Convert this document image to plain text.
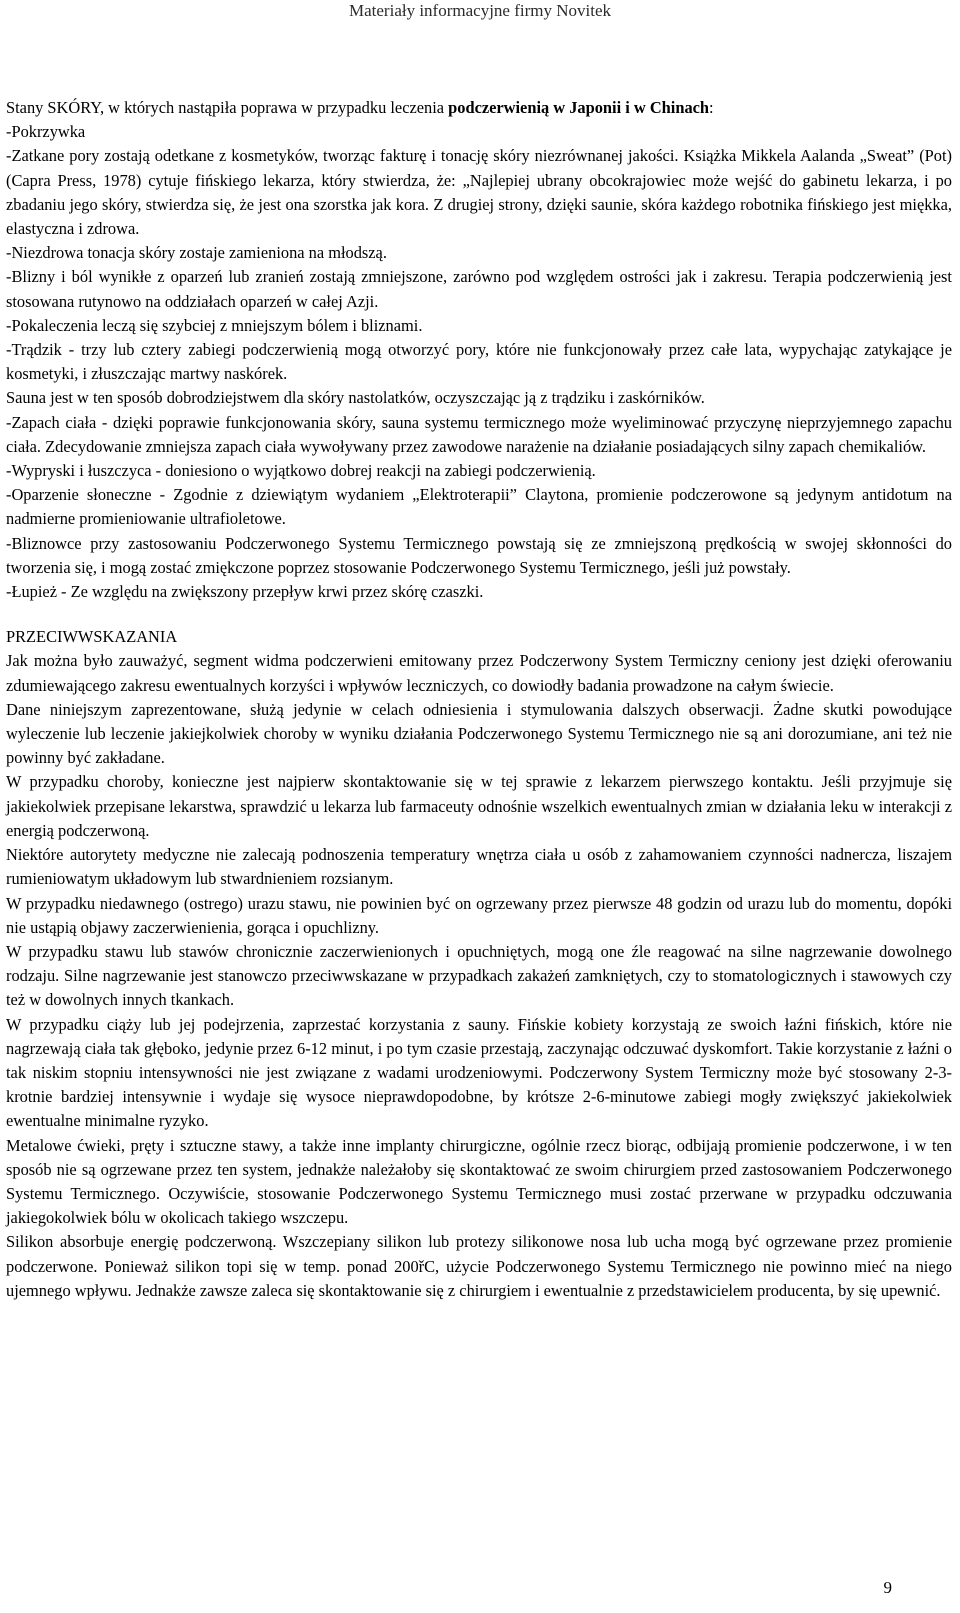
Materiały informacyjne firmy Novitek

Stany SKÓRY, w których nastąpiła poprawa w przypadku leczenia podczerwienią w Japonii i w Chinach:

-Pokrzywka

-Zatkane pory zostają odetkane z kosmetyków, tworząc fakturę i tonację skóry niezrównanej jakości. Książka Mikkela Aalanda „Sweat” (Pot) (Capra Press, 1978) cytuje fińskiego lekarza, który stwierdza, że: „Najlepiej ubrany obcokrajowiec może wejść do gabinetu lekarza, i po zbadaniu jego skóry, stwierdza się, że jest ona szorstka jak kora. Z drugiej strony, dzięki saunie, skóra każdego robotnika fińskiego jest miękka, elastyczna i zdrowa.

-Niezdrowa tonacja skóry zostaje zamieniona na młodszą.

-Blizny i ból wynikłe z oparzeń lub zranień zostają zmniejszone, zarówno pod względem ostrości jak i zakresu. Terapia podczerwienią jest stosowana rutynowo na oddziałach oparzeń w całej Azji.

-Pokaleczenia leczą się szybciej z mniejszym bólem i bliznami.

-Trądzik - trzy lub cztery zabiegi podczerwienią mogą otworzyć pory, które nie funkcjonowały przez całe lata, wypychając zatykające je kosmetyki, i złuszczając martwy naskórek.

Sauna jest w ten sposób dobrodziejstwem dla skóry nastolatków, oczyszczając ją z trądziku i zaskórników.

-Zapach ciała - dzięki poprawie funkcjonowania skóry, sauna systemu termicznego może wyeliminować przyczynę nieprzyjemnego zapachu ciała. Zdecydowanie zmniejsza zapach ciała wywoływany przez zawodowe narażenie na działanie posiadających silny zapach chemikaliów.

-Wypryski i łuszczyca - doniesiono o wyjątkowo dobrej reakcji na zabiegi podczerwienią.

-Oparzenie słoneczne - Zgodnie z dziewiątym wydaniem „Elektroterapii” Claytona, promienie podczerowone są jedynym antidotum na nadmierne promieniowanie ultrafioletowe.

-Bliznowce przy zastosowaniu Podczerwonego Systemu Termicznego powstają się ze zmniejszoną prędkością w swojej skłonności do tworzenia się, i mogą zostać zmiękczone poprzez stosowanie Podczerwonego Systemu Termicznego, jeśli już powstały.

-Łupież - Ze względu na zwiększony przepływ krwi przez skórę czaszki.

PRZECIWWSKAZANIA

Jak można było zauważyć, segment widma podczerwieni emitowany przez Podczerwony System Termiczny ceniony jest dzięki oferowaniu zdumiewającego zakresu ewentualnych korzyści i wpływów leczniczych, co dowiodły badania prowadzone na całym świecie.

Dane niniejszym zaprezentowane, służą jedynie w celach odniesienia i stymulowania dalszych obserwacji. Żadne skutki powodujące wyleczenie lub leczenie jakiejkolwiek choroby w wyniku działania Podczerwonego Systemu Termicznego nie są ani dorozumiane, ani też nie powinny być zakładane.

W przypadku choroby, konieczne jest najpierw skontaktowanie się w tej sprawie z lekarzem pierwszego kontaktu. Jeśli przyjmuje się jakiekolwiek przepisane lekarstwa, sprawdzić u lekarza lub farmaceuty odnośnie wszelkich ewentualnych zmian w działania leku w interakcji z energią podczerwoną.

Niektóre autorytety medyczne nie zalecają podnoszenia temperatury wnętrza ciała u osób z zahamowaniem czynności nadnercza, liszajem rumieniowatym układowym lub stwardnieniem rozsianym.

W przypadku niedawnego (ostrego) urazu stawu, nie powinien być on ogrzewany przez pierwsze 48 godzin od urazu lub do momentu, dopóki nie ustąpią objawy zaczerwienienia, gorąca i opuchlizny.

W przypadku stawu lub stawów chronicznie zaczerwienionych i opuchniętych, mogą one źle reagować na silne nagrzewanie dowolnego rodzaju. Silne nagrzewanie jest stanowczo przeciwwskazane w przypadkach zakażeń zamkniętych, czy to stomatologicznych i stawowych czy też w dowolnych innych tkankach.

W przypadku ciąży lub jej podejrzenia, zaprzestać korzystania z sauny. Fińskie kobiety korzystają ze swoich łaźni fińskich, które nie nagrzewają ciała tak głęboko, jedynie przez 6-12 minut, i po tym czasie przestają, zaczynając odczuwać dyskomfort. Takie korzystanie z łaźni o tak niskim stopniu intensywności nie jest związane z wadami urodzeniowymi. Podczerwony System Termiczny może być stosowany 2-3-krotnie bardziej intensywnie i wydaje się wysoce nieprawdopodobne, by krótsze 2-6-minutowe zabiegi mogły zwiększyć jakiekolwiek ewentualne minimalne ryzyko.

Metalowe ćwieki, pręty i sztuczne stawy, a także inne implanty chirurgiczne, ogólnie rzecz biorąc, odbijają promienie podczerwone, i w ten sposób nie są ogrzewane przez ten system, jednakże należałoby się skontaktować ze swoim chirurgiem przed zastosowaniem Podczerwonego Systemu Termicznego. Oczywiście, stosowanie Podczerwonego Systemu Termicznego musi zostać przerwane w przypadku odczuwania jakiegokolwiek bólu w okolicach takiego wszczepu.

Silikon absorbuje energię podczerwoną. Wszczepiany silikon lub protezy silikonowe nosa lub ucha mogą być ogrzewane przez promienie podczerwone. Ponieważ silikon topi się w temp. ponad 200řC, użycie Podczerwonego Systemu Termicznego nie powinno mieć na niego ujemnego wpływu. Jednakże zawsze zaleca się skontaktowanie się z chirurgiem i ewentualnie z przedstawicielem producenta, by się upewnić.

9
